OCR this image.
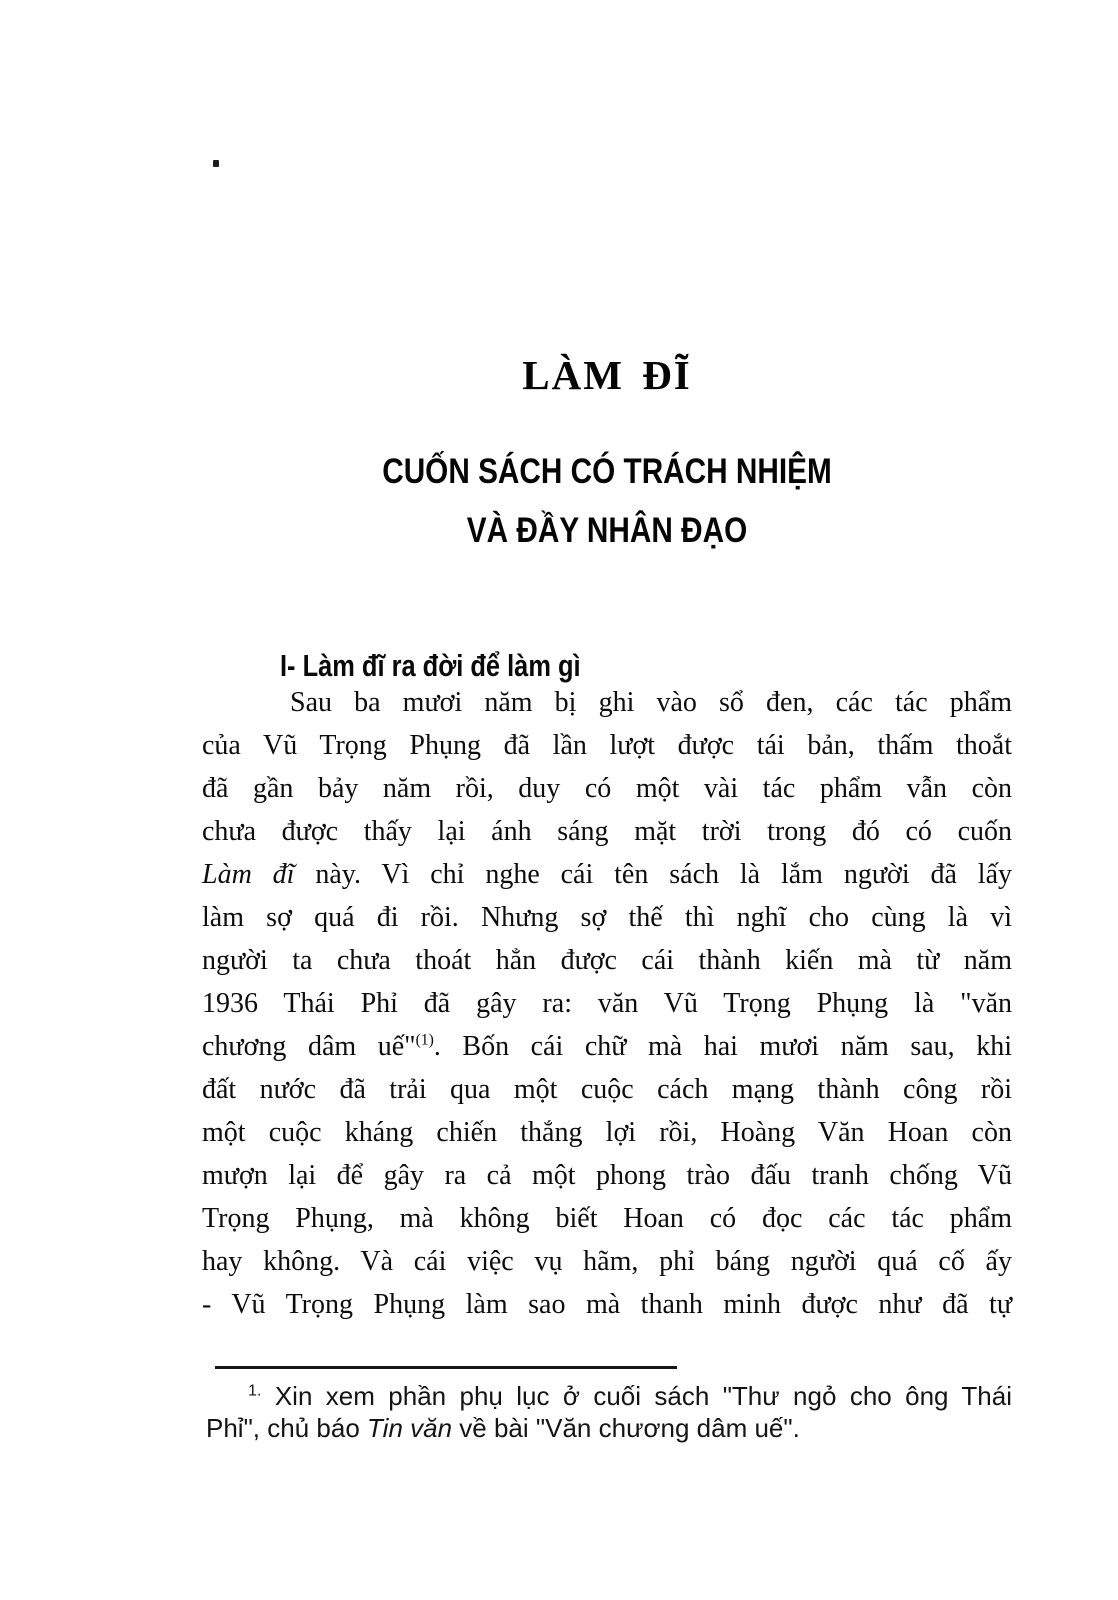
LÀM ĐĨ
CUỐN SÁCH CÓ TRÁCH NHIỆM
VÀ ĐẦY NHÂN ĐẠO
I- Làm đĩ ra đời để làm gì
Sau ba mươi năm bị ghi vào sổ đen, các tác phẩm
của Vũ Trọng Phụng đã lần lượt được tái bản, thấm thoắt
đã gần bảy năm rồi, duy có một vài tác phẩm vẫn còn
chưa được thấy lại ánh sáng mặt trời trong đó có cuốn
Làm đĩ này. Vì chỉ nghe cái tên sách là lắm người đã lấy
làm sợ quá đi rồi. Nhưng sợ thế thì nghĩ cho cùng là vì
người ta chưa thoát hẳn được cái thành kiến mà từ năm
1936 Thái Phỉ đã gây ra: văn Vũ Trọng Phụng là "văn
chương dâm uế"$^{(1)}$. Bốn cái chữ mà hai mươi năm sau, khi
đất nước đã trải qua một cuộc cách mạng thành công rồi
một cuộc kháng chiến thắng lợi rồi, Hoàng Văn Hoan còn
mượn lại để gây ra cả một phong trào đấu tranh chống Vũ
Trọng Phụng, mà không biết Hoan có đọc các tác phẩm
hay không. Và cái việc vụ hãm, phỉ báng người quá cố ấy
- Vũ Trọng Phụng làm sao mà thanh minh được như đã tự
$^{1.}$ Xin xem phần phụ lục ở cuối sách "Thư ngỏ cho ông Thái
Phỉ", chủ báo Tin văn về bài "Văn chương dâm uế".
